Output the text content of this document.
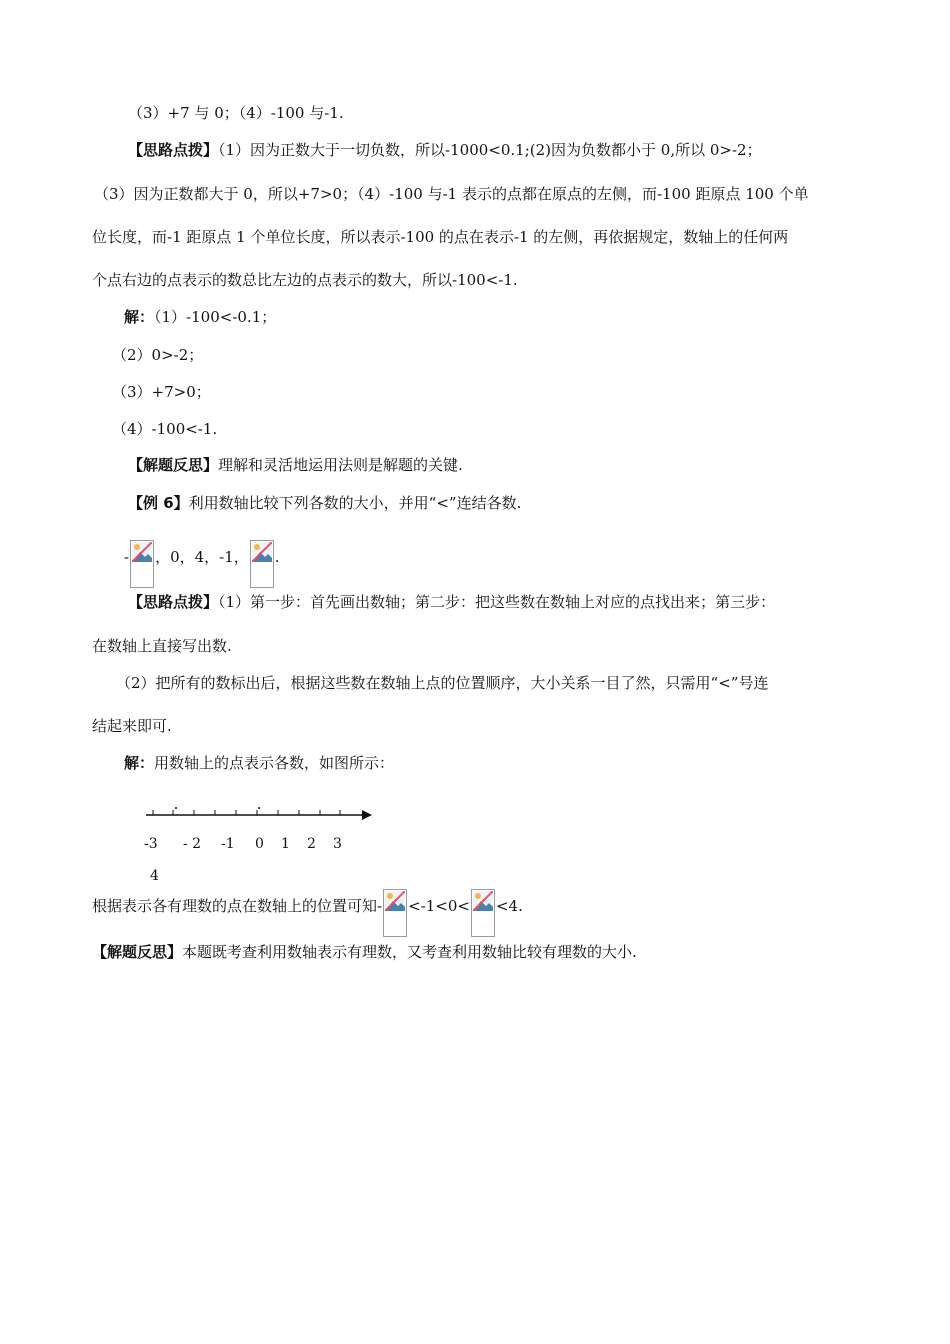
（3）+7 与 0；（4）-100 与-1.
【思路点拨】（1）因为正数大于一切负数，所以-1000<0.1;(2)因为负数都小于 0,所以 0>-2；
（3）因为正数都大于 0，所以+7>0；（4）-100 与-1 表示的点都在原点的左侧，而-100 距原点 100 个单
位长度，而-1 距原点 1 个单位长度，所以表示-100 的点在表示-1 的左侧，再依据规定，数轴上的任何两
个点右边的点表示的数总比左边的点表示的数大，所以-100<-1.
解：（1）-100<-0.1；
（2）0>-2；
（3）+7>0；
（4）-100<-1.
【解题反思】理解和灵活地运用法则是解题的关键.
【例 6】利用数轴比较下列各数的大小，并用“<”连结各数.
- ，0，4，-1， .
【思路点拨】（1）第一步：首先画出数轴；第二步：把这些数在数轴上对应的点找出来；第三步：
在数轴上直接写出数.
（2）把所有的数标出后，根据这些数在数轴上点的位置顺序，大小关系一目了然，只需用“<”号连
结起来即可.
解：用数轴上的点表示各数，如图所示：
-3 - 2 -1 0 1 2 3
4
根据表示各有理数的点在数轴上的位置可知- <-1<0< <4.
【解题反思】本题既考查利用数轴表示有理数，又考查利用数轴比较有理数的大小.
